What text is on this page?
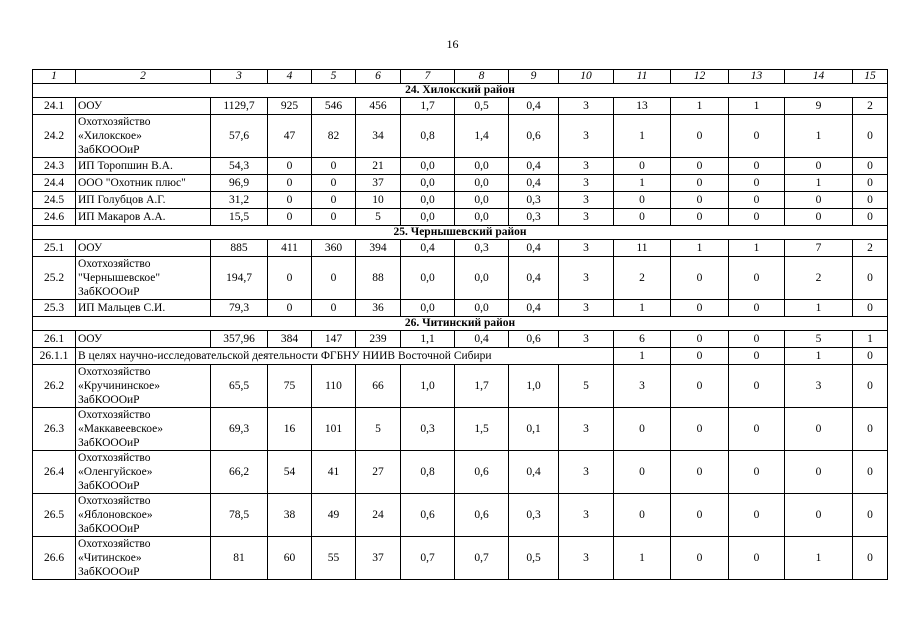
16
1	2	3	4	5	6	7	8	9	10	11	12	13	14	15
24. Хилокский район														
24.1	ООУ	1129,7	925	546	456	1,7	0,5	0,4	3	13	1	1	9	2
24.2	Охотхозяйство
«Хилокское»
ЗабКОООиР	57,6	47	82	34	0,8	1,4	0,6	3	1	0	0	1	0
24.3	ИП Торопшин В.А.	54,3	0	0	21	0,0	0,0	0,4	3	0	0	0	0	0
24.4	ООО "Охотник плюс"	96,9	0	0	37	0,0	0,0	0,4	3	1	0	0	1	0
24.5	ИП Голубцов А.Г.	31,2	0	0	10	0,0	0,0	0,3	3	0	0	0	0	0
24.6	ИП Макаров А.А.	15,5	0	0	5	0,0	0,0	0,3	3	0	0	0	0	0
25. Чернышевский район														
25.1	ООУ	885	411	360	394	0,4	0,3	0,4	3	11	1	1	7	2
25.2	Охотхозяйство
"Чернышевское"
ЗабКОООиР	194,7	0	0	88	0,0	0,0	0,4	3	2	0	0	2	0
25.3	ИП Мальцев С.И.	79,3	0	0	36	0,0	0,0	0,4	3	1	0	0	1	0
26. Читинский район														
26.1	ООУ	357,96	384	147	239	1,1	0,4	0,6	3	6	0	0	5	1
26.1.1	В целях научно-исследовательской деятельности ФГБНУ НИИВ Восточной Сибири									1	0	0	1	0
26.2	Охотхозяйство
«Кручининское»
ЗабКОООиР	65,5	75	110	66	1,0	1,7	1,0	5	3	0	0	3	0
26.3	Охотхозяйство
«Маккавеевское»
ЗабКОООиР	69,3	16	101	5	0,3	1,5	0,1	3	0	0	0	0	0
26.4	Охотхозяйство
«Оленгуйское»
ЗабКОООиР	66,2	54	41	27	0,8	0,6	0,4	3	0	0	0	0	0
26.5	Охотхозяйство
«Яблоновское»
ЗабКОООиР	78,5	38	49	24	0,6	0,6	0,3	3	0	0	0	0	0
26.6	Охотхозяйство
«Читинское»
ЗабКОООиР	81	60	55	37	0,7	0,7	0,5	3	1	0	0	1	0
